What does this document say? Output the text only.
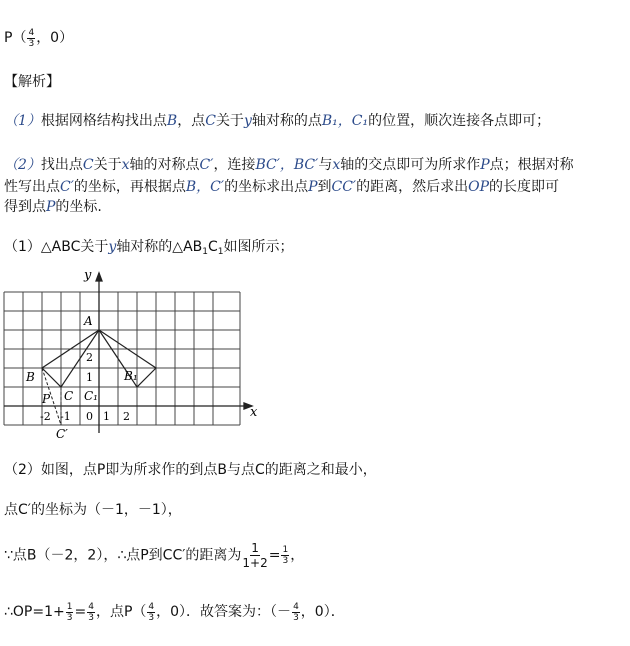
$P( \frac{4}{3}$ ，0）
【解析】
（1）根据网格结构找出点B，点C关于y轴对称的点B₁，C₁的位置，顺次连接各点即可；
（2）找出点C关于x轴的对称点C′，连接BC′，BC′与x轴的交点即可为所求作P点；根据对称
性写出点C′的坐标，再根据点B，C′的坐标求出点P到CC′的距离，然后求出OP的长度即可
得到点P的坐标.
（1）△ABC关于y轴对称的$\triangle AB_1C_1$如图所示；
x
y
A
B
C
B₁
C₁
P
C′
-2 -1 0 1 2
1
2
（2）如图，点P即为所求作的到点B与点C的距离之和最小，
点C′的坐标为（－1，－1），
∵点B（－2，2），∴点P到CC′的距离为 $\frac{1}{1+2} = \frac{1}{3}$ ，
∴OP=1+ $\frac{1}{3} = \frac{4}{3}$ ，点$P( \frac{4}{3}$ ，0）．故答案为：（－ $\frac{4}{3}$ ，0）．
